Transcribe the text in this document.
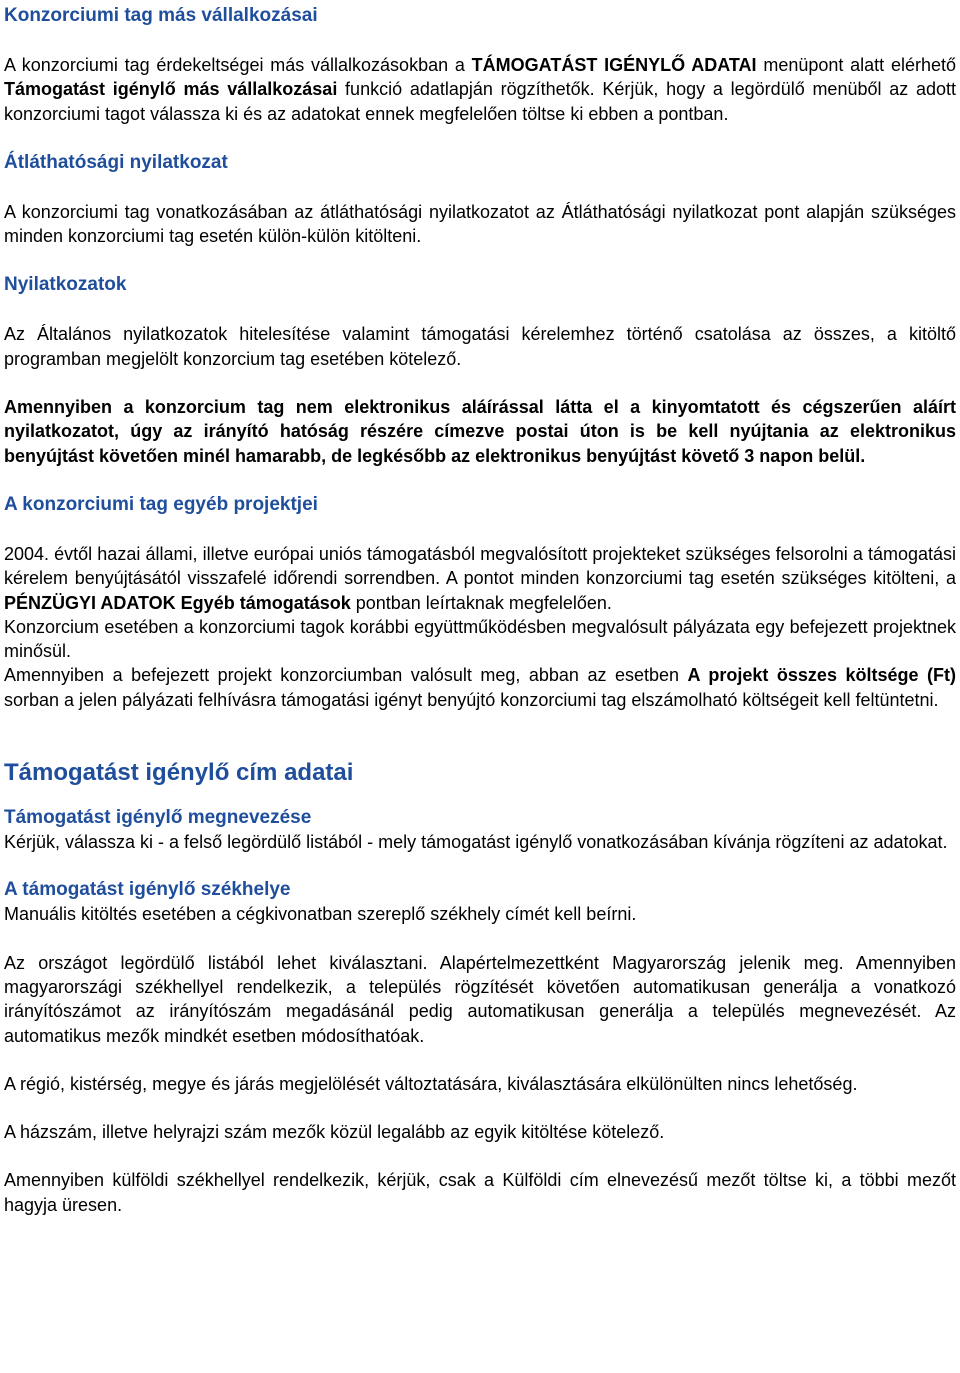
Konzorciumi tag más vállalkozásai

A konzorciumi tag érdekeltségei más vállalkozásokban a TÁMOGATÁST IGÉNYLŐ ADATAI menüpont alatt elérhető Támogatást igénylő más vállalkozásai funkció adatlapján rögzíthetők. Kérjük, hogy a legördülő menüből az adott konzorciumi tagot válassza ki és az adatokat ennek megfelelően töltse ki ebben a pontban.

Átláthatósági nyilatkozat

A konzorciumi tag vonatkozásában az átláthatósági nyilatkozatot az Átláthatósági nyilatkozat pont alapján szükséges minden konzorciumi tag esetén külön-külön kitölteni.

Nyilatkozatok

Az Általános nyilatkozatok hitelesítése valamint támogatási kérelemhez történő csatolása az összes, a kitöltő programban megjelölt konzorcium tag esetében kötelező.

Amennyiben a konzorcium tag nem elektronikus aláírással látta el a kinyomtatott és cégszerűen aláírt nyilatkozatot, úgy az irányító hatóság részére címezve postai úton is be kell nyújtania az elektronikus benyújtást követően minél hamarabb, de legkésőbb az elektronikus benyújtást követő 3 napon belül.

A konzorciumi tag egyéb projektjei

2004. évtől hazai állami, illetve európai uniós támogatásból megvalósított projekteket szükséges felsorolni a támogatási kérelem benyújtásától visszafelé időrendi sorrendben. A pontot minden konzorciumi tag esetén szükséges kitölteni, a PÉNZÜGYI ADATOK Egyéb támogatások pontban leírtaknak megfelelően.

Konzorcium esetében a konzorciumi tagok korábbi együttműködésben megvalósult pályázata egy befejezett projektnek minősül.

Amennyiben a befejezett projekt konzorciumban valósult meg, abban az esetben A projekt összes költsége (Ft) sorban a jelen pályázati felhívásra támogatási igényt benyújtó konzorciumi tag elszámolható költségeit kell feltüntetni.

Támogatást igénylő cím adatai
Támogatást igénylő megnevezése

Kérjük, válassza ki - a felső legördülő listából - mely támogatást igénylő vonatkozásában kívánja rögzíteni az adatokat.

A támogatást igénylő székhelye

Manuális kitöltés esetében a cégkivonatban szereplő székhely címét kell beírni.

Az országot legördülő listából lehet kiválasztani. Alapértelmezettként Magyarország jelenik meg. Amennyiben magyarországi székhellyel rendelkezik, a település rögzítését követően automatikusan generálja a vonatkozó irányítószámot az irányítószám megadásánál pedig automatikusan generálja a település megnevezését. Az automatikus mezők mindkét esetben módosíthatóak.

A régió, kistérség, megye és járás megjelölését változtatására, kiválasztására elkülönülten nincs lehetőség.

A házszám, illetve helyrajzi szám mezők közül legalább az egyik kitöltése kötelező.

Amennyiben külföldi székhellyel rendelkezik, kérjük, csak a Külföldi cím elnevezésű mezőt töltse ki, a többi mezőt hagyja üresen.
